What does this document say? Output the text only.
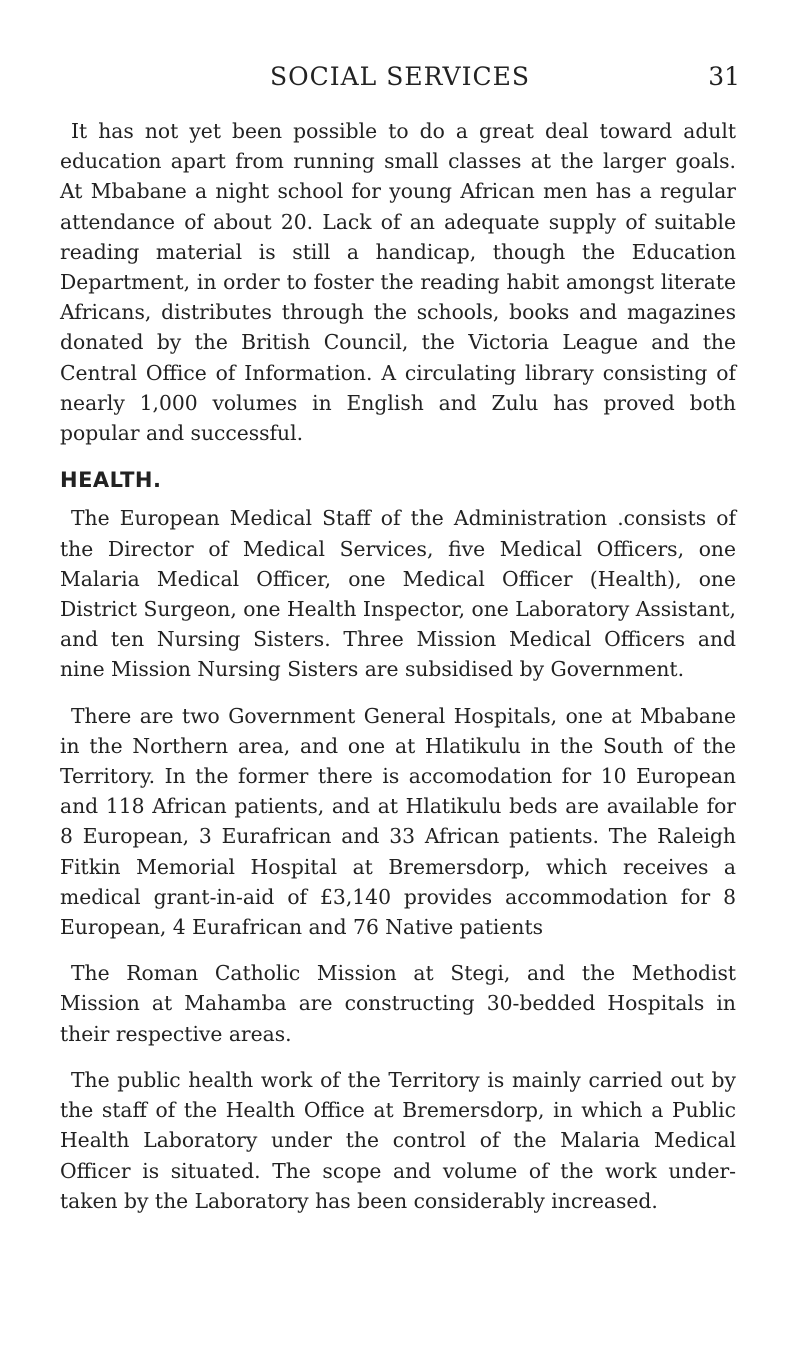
SOCIAL SERVICES	31

It has not yet been possible to do a great deal toward adult education apart from running small classes at the larger goals. At Mbabane a night school for young African men has a regular attendance of about 20. Lack of an adequate supply of suitable reading material is still a handicap, though the Education Department, in order to foster the reading habit amongst literate Africans, distributes through the schools, books and magazines donated by the British Council, the Victoria League and the Central Office of Information. A circulating library consisting of nearly 1,000 volumes in English and Zulu has proved both popular and successful.

HEALTH.

The European Medical Staff of the Administration .consists of the Director of Medical Services, five Medical Officers, one Malaria Medical Officer, one Medical Officer (Health), one District Surgeon, one Health Inspector, one Laboratory Assistant, and ten Nursing Sisters. Three Mission Medical Officers and nine Mission Nursing Sisters are subsidised by Government.

There are two Government General Hospitals, one at Mbabane in the Northern area, and one at Hlatikulu in the South of the Territory. In the former there is accomodation for 10 European and 118 African patients, and at Hlatikulu beds are available for 8 European, 3 Eurafrican and 33 African patients. The Raleigh Fitkin Memorial Hospital at Bremersdorp, which receives a medical grant-in-aid of £3,140 provides accommodation for 8 European, 4 Eurafrican and 76 Native patients

The Roman Catholic Mission at Stegi, and the Methodist Mission at Mahamba are constructing 30-bedded Hospitals in their respective areas.

The public health work of the Territory is mainly carried out by the staff of the Health Office at Bremersdorp, in which a Public Health Laboratory under the control of the Malaria Medical Officer is situated. The scope and volume of the work under- taken by the Laboratory has been considerably increased.
